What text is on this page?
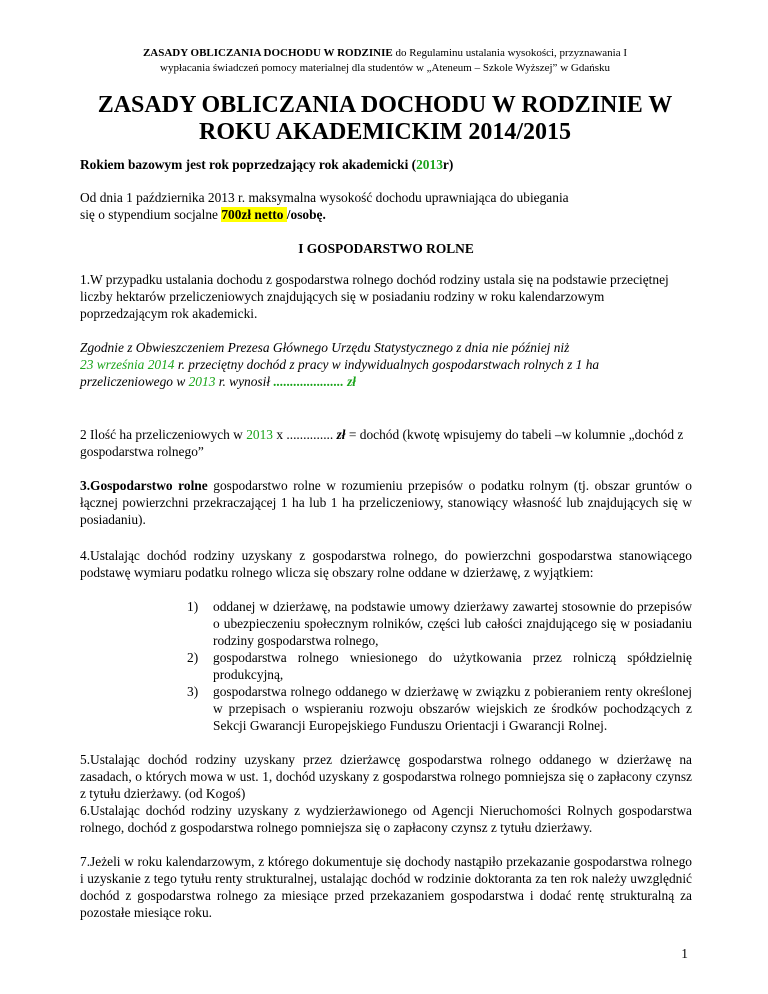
ZASADY OBLICZANIA DOCHODU W RODZINIE do Regulaminu ustalania wysokości, przyznawania I
wypłacania świadczeń pomocy materialnej dla studentów w „Ateneum – Szkole Wyższej” w Gdańsku
ZASADY OBLICZANIA DOCHODU W RODZINIE W
ROKU AKADEMICKIM 2014/2015
Rokiem bazowym jest rok poprzedzający rok akademicki (2013r)
Od dnia 1 października 2013 r. maksymalna wysokość dochodu uprawniająca do ubiegania
się o stypendium socjalne 700zł netto /osobę.
I GOSPODARSTWO ROLNE
1.W przypadku ustalania dochodu z gospodarstwa rolnego dochód rodziny ustala się na podstawie przeciętnej liczby hektarów przeliczeniowych znajdujących się w posiadaniu rodziny w roku kalendarzowym poprzedzającym rok akademicki.
Zgodnie z Obwieszczeniem Prezesa Głównego Urzędu Statystycznego z dnia nie później niż
23 września 2014 r. przeciętny dochód z pracy w indywidualnych gospodarstwach rolnych z 1 ha przeliczeniowego w 2013 r. wynosił ..................... zł
2 Ilość ha przeliczeniowych w 2013 x .............. zł = dochód (kwotę wpisujemy do tabeli –w kolumnie „dochód z gospodarstwa rolnego”
3.Gospodarstwo rolne gospodarstwo rolne w rozumieniu przepisów o podatku rolnym (tj. obszar gruntów o łącznej powierzchni przekraczającej 1 ha lub 1 ha przeliczeniowy, stanowiący własność lub znajdujących się w posiadaniu).
4.Ustalając dochód rodziny uzyskany z gospodarstwa rolnego, do powierzchni gospodarstwa stanowiącego podstawę wymiaru podatku rolnego wlicza się obszary rolne oddane w dzierżawę, z wyjątkiem:
1) oddanej w dzierżawę, na podstawie umowy dzierżawy zawartej stosownie do przepisów o ubezpieczeniu społecznym rolników, części lub całości znajdującego się w posiadaniu rodziny gospodarstwa rolnego,
2) gospodarstwa rolnego wniesionego do użytkowania przez rolniczą spółdzielnię produkcyjną,
3) gospodarstwa rolnego oddanego w dzierżawę w związku z pobieraniem renty określonej w przepisach o wspieraniu rozwoju obszarów wiejskich ze środków pochodzących z Sekcji Gwarancji Europejskiego Funduszu Orientacji i Gwarancji Rolnej.
5.Ustalając dochód rodziny uzyskany przez dzierżawcę gospodarstwa rolnego oddanego w dzierżawę na zasadach, o których mowa w ust. 1, dochód uzyskany z gospodarstwa rolnego pomniejsza się o zapłacony czynsz z tytułu dzierżawy. (od Kogoś)
6.Ustalając dochód rodziny uzyskany z wydzierżawionego od Agencji Nieruchomości Rolnych gospodarstwa rolnego, dochód z gospodarstwa rolnego pomniejsza się o zapłacony czynsz z tytułu dzierżawy.
7.Jeżeli w roku kalendarzowym, z którego dokumentuje się dochody nastąpiło przekazanie gospodarstwa rolnego i uzyskanie z tego tytułu renty strukturalnej, ustalając dochód w rodzinie doktoranta za ten rok należy uwzględnić dochód z gospodarstwa rolnego za miesiące przed przekazaniem gospodarstwa i dodać rentę strukturalną za pozostałe miesiące roku.
1
